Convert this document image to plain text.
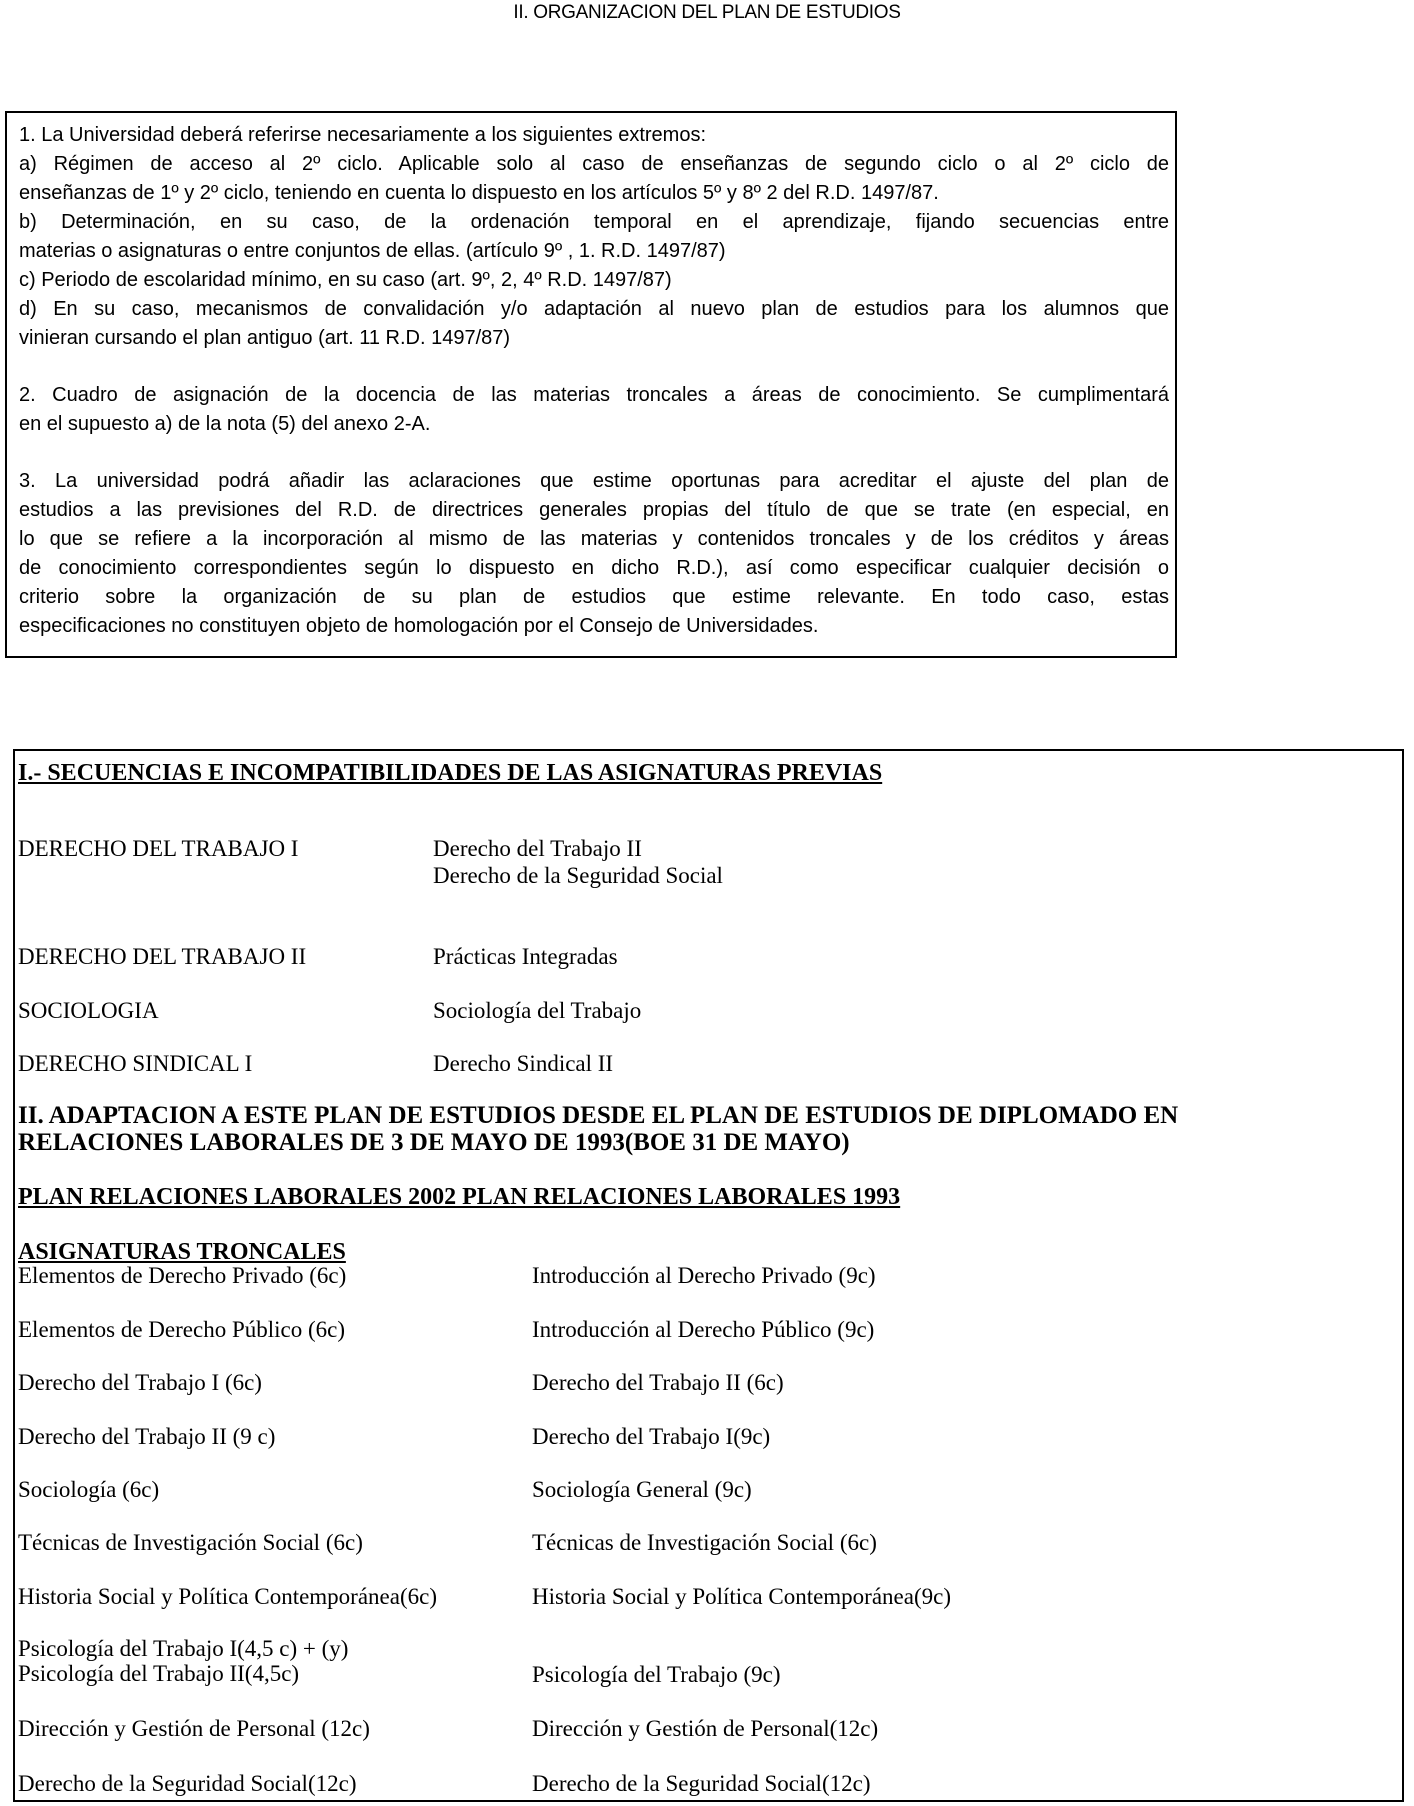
II. ORGANIZACION DEL PLAN DE ESTUDIOS
1. La Universidad deberá referirse necesariamente a los siguientes extremos:
a) Régimen de acceso al 2º ciclo. Aplicable solo al caso de enseñanzas de segundo ciclo o al 2º ciclo de
enseñanzas de 1º y 2º ciclo, teniendo en cuenta lo dispuesto en los artículos 5º y 8º 2 del R.D. 1497/87.
b) Determinación, en su caso, de la ordenación temporal en el aprendizaje, fijando secuencias entre
materias o asignaturas o entre conjuntos de ellas. (artículo 9º , 1. R.D. 1497/87)
c) Periodo de escolaridad mínimo, en su caso (art. 9º, 2, 4º R.D. 1497/87)
d) En su caso, mecanismos de convalidación y/o adaptación al nuevo plan de estudios para los alumnos que
vinieran cursando el plan antiguo (art. 11 R.D. 1497/87)
2. Cuadro de asignación de la docencia de las materias troncales a áreas de conocimiento. Se cumplimentará
en el supuesto a) de la nota (5) del anexo 2-A.
3. La universidad podrá añadir las aclaraciones que estime oportunas para acreditar el ajuste del plan de
estudios a las previsiones del R.D. de directrices generales propias del título de que se trate (en especial, en
lo que se refiere a la incorporación al mismo de las materias y contenidos troncales y de los créditos y áreas
de conocimiento correspondientes según lo dispuesto en dicho R.D.), así como especificar cualquier decisión o
criterio sobre la organización de su plan de estudios que estime relevante. En todo caso, estas
especificaciones no constituyen objeto de homologación por el Consejo de Universidades.
I.- SECUENCIAS E INCOMPATIBILIDADES DE LAS ASIGNATURAS PREVIAS
DERECHO DEL TRABAJO I	Derecho del Trabajo II
Derecho de la Seguridad Social
DERECHO DEL TRABAJO II	Prácticas Integradas
SOCIOLOGIA	Sociología del Trabajo
DERECHO SINDICAL I	Derecho Sindical II
II. ADAPTACION A ESTE PLAN DE ESTUDIOS DESDE EL PLAN DE ESTUDIOS DE DIPLOMADO EN
RELACIONES LABORALES DE 3 DE MAYO DE 1993(BOE 31 DE MAYO)
PLAN RELACIONES LABORALES 2002 PLAN RELACIONES LABORALES 1993
ASIGNATURAS TRONCALES
Elementos de Derecho Privado (6c)	Introducción al Derecho Privado (9c)
Elementos de Derecho Público (6c)	Introducción al Derecho Público (9c)
Derecho del Trabajo I (6c)	Derecho del Trabajo II (6c)
Derecho del Trabajo II (9 c)	Derecho del Trabajo I(9c)
Sociología (6c)	Sociología General (9c)
Técnicas de Investigación Social (6c)	Técnicas de Investigación Social (6c)
Historia Social y Política Contemporánea(6c)	Historia Social y Política Contemporánea(9c)
Psicología del Trabajo I(4,5 c) + (y)
Psicología del Trabajo II(4,5c)	Psicología del Trabajo (9c)
Dirección y Gestión de Personal (12c)	Dirección y Gestión de Personal(12c)
Derecho de la Seguridad Social(12c)	Derecho de la Seguridad Social(12c)
